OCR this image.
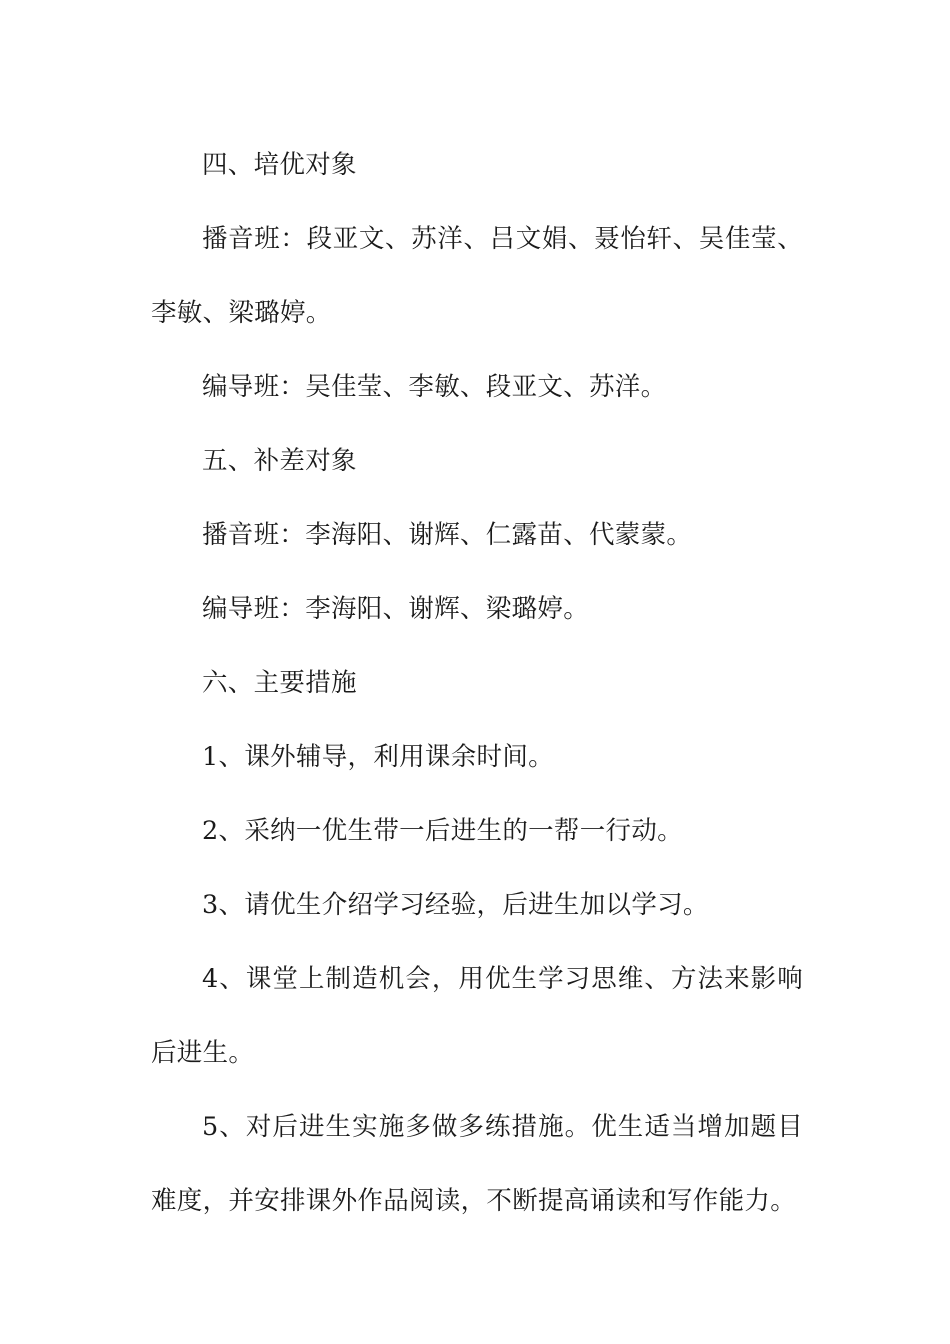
四、培优对象

播音班：段亚文、苏洋、吕文娟、聂怡轩、吴佳莹、李敏、梁璐婷。

编导班：吴佳莹、李敏、段亚文、苏洋。

五、补差对象

播音班：李海阳、谢辉、仁露苗、代蒙蒙。

编导班：李海阳、谢辉、梁璐婷。

六、主要措施

1、课外辅导，利用课余时间。

2、采纳一优生带一后进生的一帮一行动。

3、请优生介绍学习经验，后进生加以学习。

4、课堂上制造机会，用优生学习思维、方法来影响后进生。

5、对后进生实施多做多练措施。优生适当增加题目难度，并安排课外作品阅读，不断提高诵读和写作能力。
